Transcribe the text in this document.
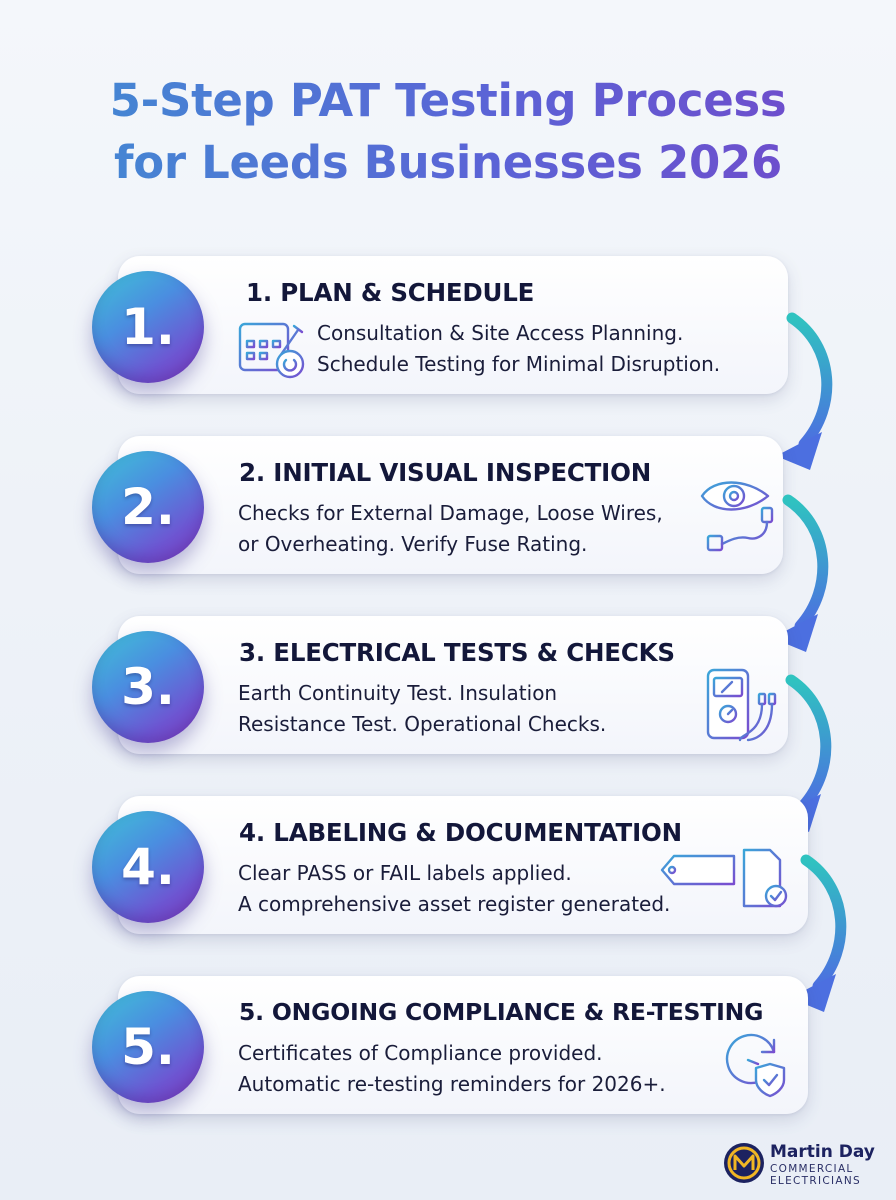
5-Step PAT Testing Process
for Leeds Businesses 2026
1. PLAN & SCHEDULE
Consultation & Site Access Planning.
Schedule Testing for Minimal Disruption.
1.
2. INITIAL VISUAL INSPECTION
Checks for External Damage, Loose Wires,
or Overheating. Verify Fuse Rating.
2.
3. ELECTRICAL TESTS & CHECKS
Earth Continuity Test. Insulation
Resistance Test. Operational Checks.
3.
4. LABELING & DOCUMENTATION
Clear PASS or FAIL labels applied.
A comprehensive asset register generated.
4.
5. ONGOING COMPLIANCE & RE-TESTING
Certificates of Compliance provided.
Automatic re-testing reminders for 2026+.
5.
Martin Day
COMMERCIAL
ELECTRICIANS
